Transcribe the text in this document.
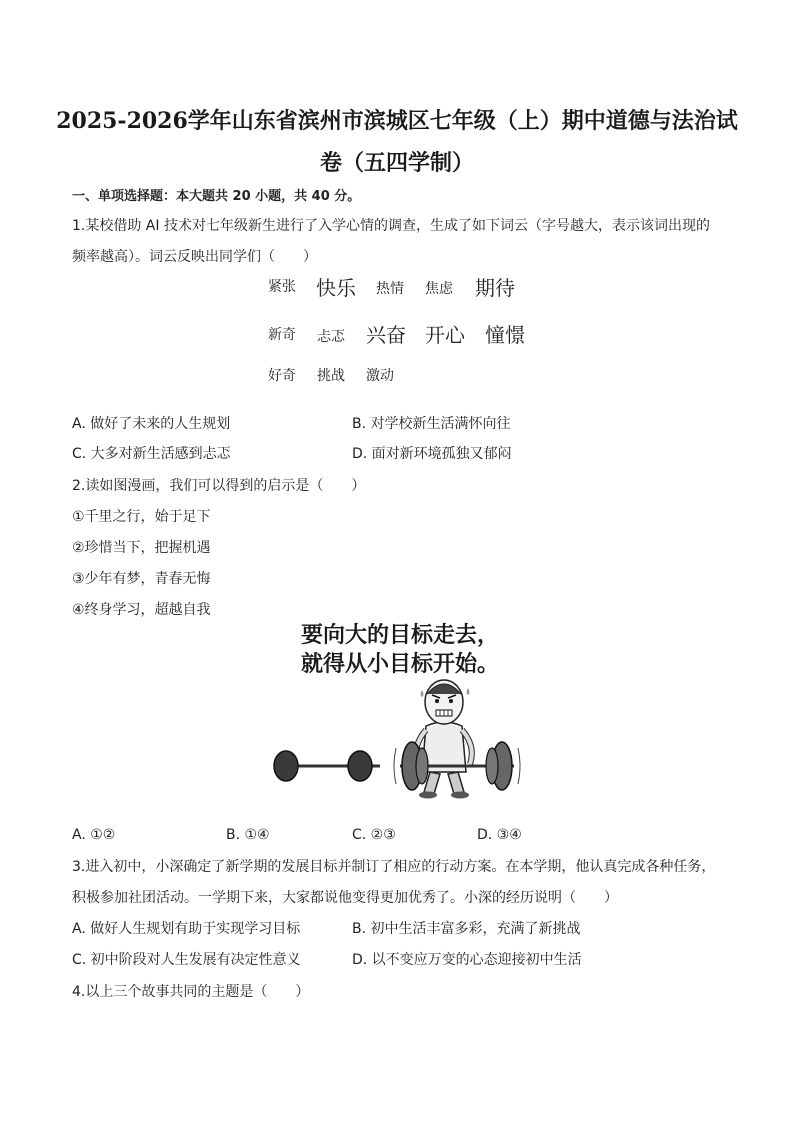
2025-2026学年山东省滨州市滨城区七年级（上）期中道德与法治试
卷（五四学制）
一、单项选择题：本大题共 20 小题，共 40 分。
1.某校借助 AI 技术对七年级新生进行了入学心情的调查，生成了如下词云（字号越大，表示该词出现的
频率越高）。词云反映出同学们（　　）
紧张 快乐 热情 焦虑 期待
新奇 忐忑 兴奋 开心 憧憬
好奇 挑战 激动
A. 做好了未来的人生规划	B. 对学校新生活满怀向往
C. 大多对新生活感到忐忑	D. 面对新环境孤独又郁闷
2.读如图漫画，我们可以得到的启示是（　　）
①千里之行，始于足下
②珍惜当下，把握机遇
③少年有梦，青春无悔
④终身学习，超越自我
要向大的目标走去，
就得从小目标开始。
A. ①②	B. ①④	C. ②③	D. ③④
3.进入初中，小深确定了新学期的发展目标并制订了相应的行动方案。在本学期，他认真完成各种任务，
积极参加社团活动。一学期下来，大家都说他变得更加优秀了。小深的经历说明（　　）
A. 做好人生规划有助于实现学习目标	B. 初中生活丰富多彩，充满了新挑战
C. 初中阶段对人生发展有决定性意义	D. 以不变应万变的心态迎接初中生活
4.以上三个故事共同的主题是（　　）
